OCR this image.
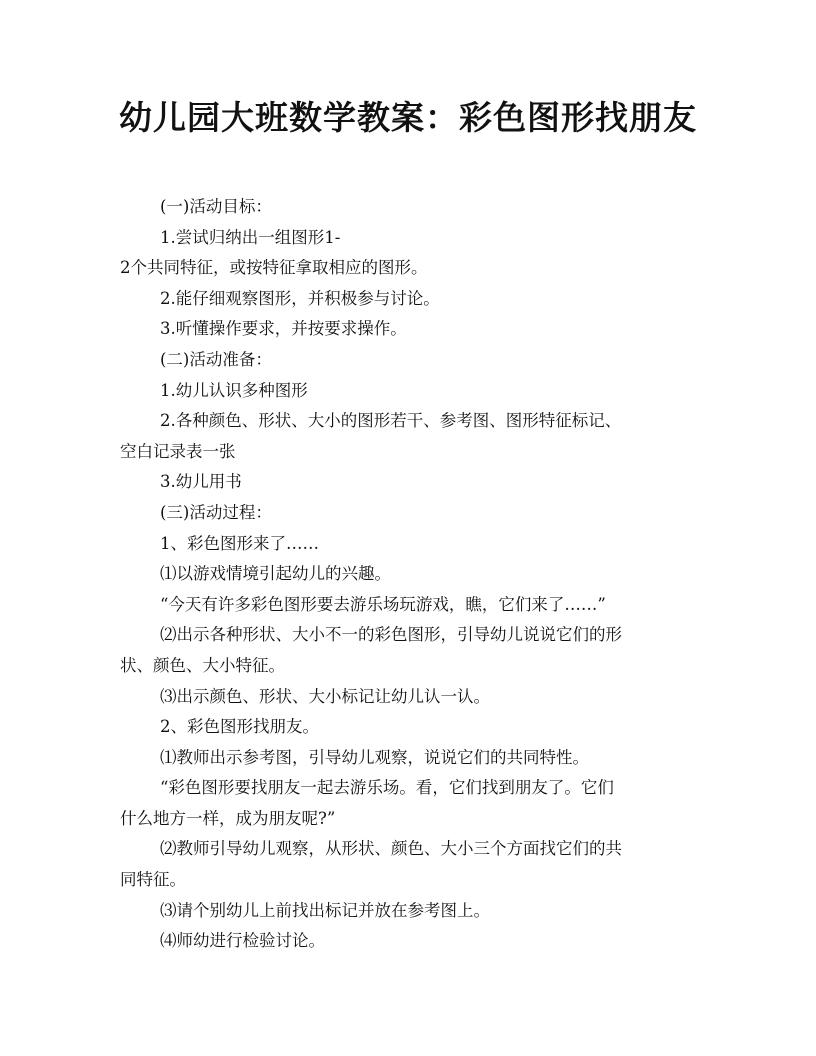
幼儿园大班数学教案：彩色图形找朋友

(一)活动目标：

1.尝试归纳出一组图形1-

2个共同特征，或按特征拿取相应的图形。

2.能仔细观察图形，并积极参与讨论。

3.听懂操作要求，并按要求操作。

(二)活动准备：

1.幼儿认识多种图形

2.各种颜色、形状、大小的图形若干、参考图、图形特征标记、

空白记录表一张

3.幼儿用书

(三)活动过程：

1、彩色图形来了……

⑴以游戏情境引起幼儿的兴趣。

“今天有许多彩色图形要去游乐场玩游戏，瞧，它们来了……”

⑵出示各种形状、大小不一的彩色图形，引导幼儿说说它们的形

状、颜色、大小特征。

⑶出示颜色、形状、大小标记让幼儿认一认。

2、彩色图形找朋友。

⑴教师出示参考图，引导幼儿观察，说说它们的共同特性。

“彩色图形要找朋友一起去游乐场。看，它们找到朋友了。它们

什么地方一样，成为朋友呢?”

⑵教师引导幼儿观察，从形状、颜色、大小三个方面找它们的共

同特征。

⑶请个别幼儿上前找出标记并放在参考图上。

⑷师幼进行检验讨论。
